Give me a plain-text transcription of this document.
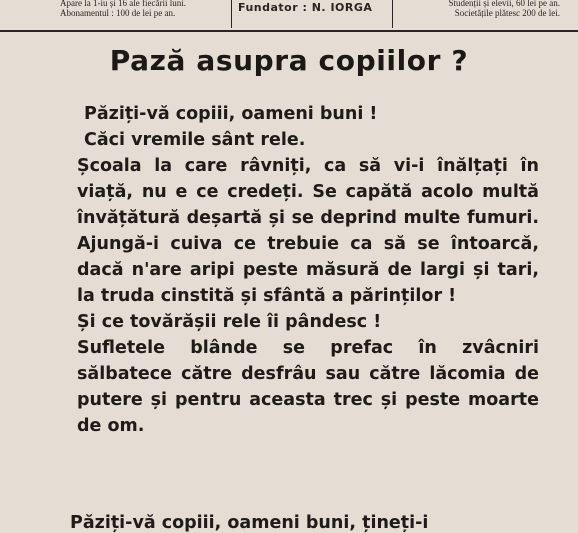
Apare la 1-iu și 16 ale fiecării luni.
Abonamentul : 100 de lei pe an.	Fundator : N. IORGA	Studenții și elevii, 60 lei pe an.
Societățile plătesc 200 de lei.
Pază asupra copiilor ?

Păziți-vă copiii, oameni buni !

Căci vremile sânt rele.

Școala la care râvniți, ca să vi-i înălțați în viață, nu e ce credeți. Se capătă acolo multă învățătură deșartă și se deprind multe fumuri. Ajungă-i cuiva ce trebuie ca să se întoarcă, dacă n'are aripi peste măsură de largi și tari, la truda cinstită și sfântă a părinților !

Și ce tovărășii rele îi pândesc !

Sufletele blânde se prefac în zvâcniri sălbatece către desfrâu sau către lăcomia de putere și pentru aceasta trec și peste moarte de om.

Păziți-vă copiii, oameni buni, țineți-i
